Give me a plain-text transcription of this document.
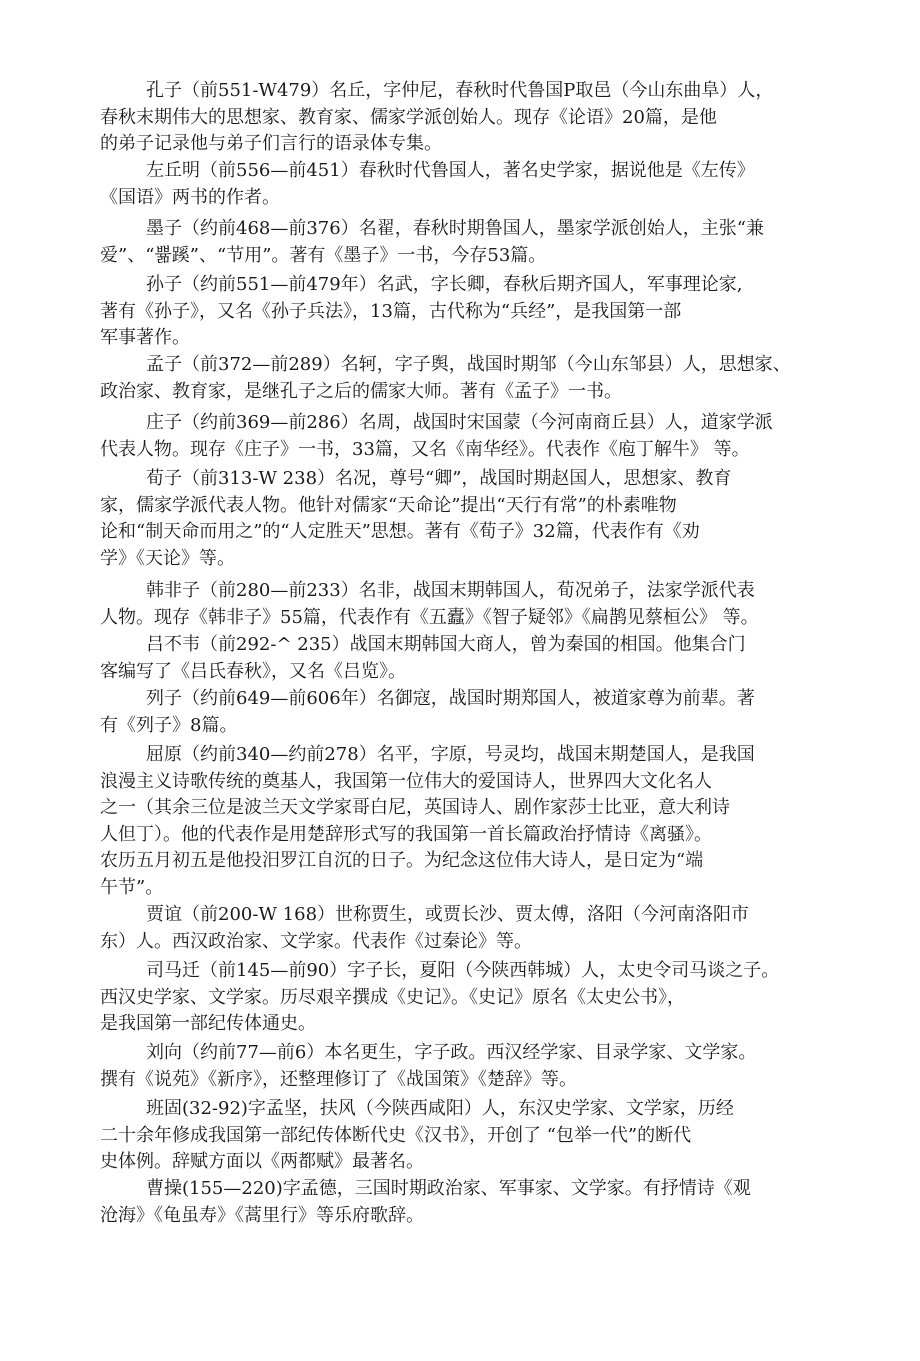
孔子（前551-W479）名丘，字仲尼，春秋时代鲁国P取邑（今山东曲阜）人，
春秋末期伟大的思想家、教育家、儒家学派创始人。现存《论语》20篇，是他
的弟子记录他与弟子们言行的语录体专集。
左丘明（前556—前451）春秋时代鲁国人，著名史学家，据说他是《左传》
《国语》两书的作者。
墨子（约前468—前376）名翟，春秋时期鲁国人，墨家学派创始人，主张“兼
爱”、“쁆蹊”、“节用”。著有《墨子》一书，今存53篇。
孙子（约前551—前479年）名武，字长卿，春秋后期齐国人，军事理论家,
著有《孙子》，又名《孙子兵法》，13篇，古代称为“兵经”，是我国第一部
军事著作。
孟子（前372—前289）名轲，字子舆，战国时期邹（今山东邹县）人，思想家、
政治家、教育家，是继孔子之后的儒家大师。著有《孟子》一书。
庄子（约前369—前286）名周，战国时宋国蒙（今河南商丘县）人，道家学派
代表人物。现存《庄子》一书，33篇，又名《南华经》。代表作《庖丁解牛》 等。
荀子（前313-W 238）名况，尊号“卿”，战国时期赵国人，思想家、教育
家，儒家学派代表人物。他针对儒家“天命论”提出“天行有常”的朴素唯物
论和“制天命而用之”的“人定胜天”思想。著有《荀子》32篇，代表作有《劝
学》《天论》等。
韩非子（前280—前233）名非，战国末期韩国人，荀况弟子，法家学派代表
人物。现存《韩非子》55篇，代表作有《五蠹》《智子疑邻》《扁鹊见蔡桓公》 等。
吕不韦（前292-^ 235）战国末期韩国大商人，曾为秦国的相国。他集合门
客编写了《吕氏春秋》，又名《吕览》。
列子（约前649—前606年）名御寇，战国时期郑国人，被道家尊为前辈。著
有《列子》8篇。
屈原（约前340—约前278）名平，字原，号灵均，战国末期楚国人，是我国
浪漫主义诗歌传统的奠基人，我国第一位伟大的爱国诗人，世界四大文化名人
之一（其余三位是波兰天文学家哥白尼，英国诗人、剧作家莎士比亚，意大利诗
人但丁）。他的代表作是用楚辞形式写的我国第一首长篇政治抒情诗《离骚》。
农历五月初五是他投汨罗江自沉的日子。为纪念这位伟大诗人，是日定为“端
午节”。
贾谊（前200-W 168）世称贾生，或贾长沙、贾太傅，洛阳（今河南洛阳市
东）人。西汉政治家、文学家。代表作《过秦论》等。
司马迁（前145—前90）字子长，夏阳（今陕西韩城）人，太史令司马谈之子。
西汉史学家、文学家。历尽艰辛撰成《史记》。《史记》原名《太史公书》，
是我国第一部纪传体通史。
刘向（约前77—前6）本名更生，字子政。西汉经学家、目录学家、文学家。
撰有《说苑》《新序》，还整理修订了《战国策》《楚辞》等。
班固(32-92)字孟坚，扶风（今陕西咸阳）人，东汉史学家、文学家，历经
二十余年修成我国第一部纪传体断代史《汉书》，开创了 “包举一代”的断代
史体例。辞赋方面以《两都赋》最著名。
曹操(155—220)字孟德，三国时期政治家、军事家、文学家。有抒情诗《观
沧海》《龟虽寿》《蒿里行》等乐府歌辞。
